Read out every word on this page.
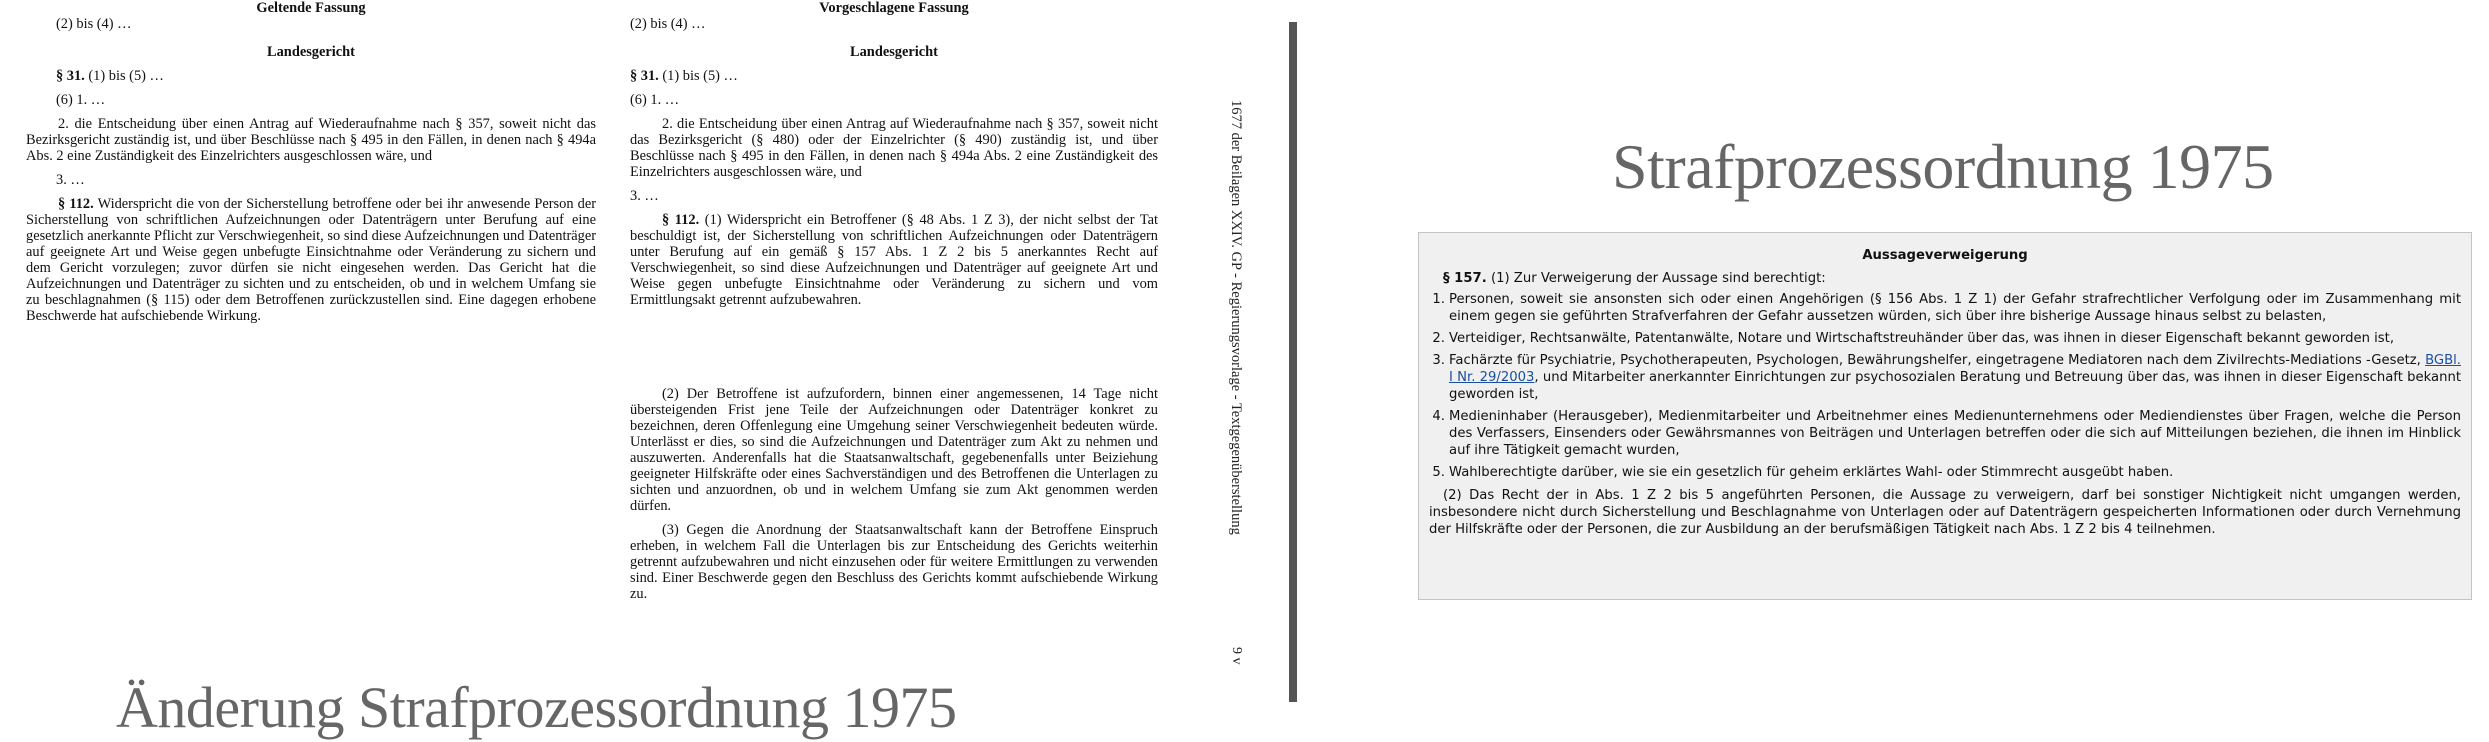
Geltende Fassung

(2) bis (4) …

Landesgericht

§ 31. (1) bis (5) …

(6) 1. …

2. die Entscheidung über einen Antrag auf Wiederaufnahme nach § 357, soweit nicht das Bezirksgericht zuständig ist, und über Beschlüsse nach § 495 in den Fällen, in denen nach § 494a Abs. 2 eine Zuständigkeit des Einzelrichters ausgeschlossen wäre, und

3. …

§ 112. Widerspricht die von der Sicherstellung betroffene oder bei ihr anwesende Person der Sicherstellung von schriftlichen Aufzeichnungen oder Datenträgern unter Berufung auf eine gesetzlich anerkannte Pflicht zur Verschwiegenheit, so sind diese Aufzeichnungen und Datenträger auf geeignete Art und Weise gegen unbefugte Einsichtnahme oder Veränderung zu sichern und dem Gericht vorzulegen; zuvor dürfen sie nicht eingesehen werden. Das Gericht hat die Aufzeichnungen und Datenträger zu sichten und zu entscheiden, ob und in welchem Umfang sie zu beschlagnahmen (§ 115) oder dem Betroffenen zurückzustellen sind. Eine dagegen erhobene Beschwerde hat aufschiebende Wirkung.

Vorgeschlagene Fassung

(2) bis (4) …

Landesgericht

§ 31. (1) bis (5) …

(6) 1. …

2. die Entscheidung über einen Antrag auf Wiederaufnahme nach § 357, soweit nicht das Bezirksgericht (§ 480) oder der Einzelrichter (§ 490) zuständig ist, und über Beschlüsse nach § 495 in den Fällen, in denen nach § 494a Abs. 2 eine Zuständigkeit des Einzelrichters ausgeschlossen wäre, und

3. …

§ 112. (1) Widerspricht ein Betroffener (§ 48 Abs. 1 Z 3), der nicht selbst der Tat beschuldigt ist, der Sicherstellung von schriftlichen Aufzeichnungen oder Datenträgern unter Berufung auf ein gemäß § 157 Abs. 1 Z 2 bis 5 anerkanntes Recht auf Verschwiegenheit, so sind diese Aufzeichnungen und Datenträger auf geeignete Art und Weise gegen unbefugte Einsichtnahme oder Veränderung zu sichern und vom Ermittlungsakt getrennt aufzubewahren.

(2) Der Betroffene ist aufzufordern, binnen einer angemessenen, 14 Tage nicht übersteigenden Frist jene Teile der Aufzeichnungen oder Datenträger konkret zu bezeichnen, deren Offenlegung eine Umgehung seiner Verschwiegenheit bedeuten würde. Unterlässt er dies, so sind die Aufzeichnungen und Datenträger zum Akt zu nehmen und auszuwerten. Anderenfalls hat die Staatsanwaltschaft, gegebenenfalls unter Beiziehung geeigneter Hilfskräfte oder eines Sachverständigen und des Betroffenen die Unterlagen zu sichten und anzuordnen, ob und in welchem Umfang sie zum Akt genommen werden dürfen.

(3) Gegen die Anordnung der Staatsanwaltschaft kann der Betroffene Einspruch erheben, in welchem Fall die Unterlagen bis zur Entscheidung des Gerichts weiterhin getrennt aufzubewahren und nicht einzusehen oder für weitere Ermittlungen zu verwenden sind. Einer Beschwerde gegen den Beschluss des Gerichts kommt aufschiebende Wirkung zu.

1677 der Beilagen XXIV. GP - Regierungsvorlage - Textgegenüberstellung
9 v
Änderung Strafprozessordnung 1975
Strafprozessordnung 1975
Aussageverweigerung
§ 157. (1) Zur Verweigerung der Aussage sind berechtigt:
1. Personen, soweit sie ansonsten sich oder einen Angehörigen (§ 156 Abs. 1 Z 1) der Gefahr strafrechtlicher Verfolgung oder im Zusammenhang mit einem gegen sie geführten Strafverfahren der Gefahr aussetzen würden, sich über ihre bisherige Aussage hinaus selbst zu belasten,
2. Verteidiger, Rechtsanwälte, Patentanwälte, Notare und Wirtschaftstreuhänder über das, was ihnen in dieser Eigenschaft bekannt geworden ist,
3. Fachärzte für Psychiatrie, Psychotherapeuten, Psychologen, Bewährungshelfer, eingetragene Mediatoren nach dem Zivilrechts-Mediations -Gesetz, BGBl. I Nr. 29/2003, und Mitarbeiter anerkannter Einrichtungen zur psychosozialen Beratung und Betreuung über das, was ihnen in dieser Eigenschaft bekannt geworden ist,
4. Medieninhaber (Herausgeber), Medienmitarbeiter und Arbeitnehmer eines Medienunternehmens oder Mediendienstes über Fragen, welche die Person des Verfassers, Einsenders oder Gewährsmannes von Beiträgen und Unterlagen betreffen oder die sich auf Mitteilungen beziehen, die ihnen im Hinblick auf ihre Tätigkeit gemacht wurden,
5. Wahlberechtigte darüber, wie sie ein gesetzlich für geheim erklärtes Wahl- oder Stimmrecht ausgeübt haben.

(2) Das Recht der in Abs. 1 Z 2 bis 5 angeführten Personen, die Aussage zu verweigern, darf bei sonstiger Nichtigkeit nicht umgangen werden, insbesondere nicht durch Sicherstellung und Beschlagnahme von Unterlagen oder auf Datenträgern gespeicherten Informationen oder durch Vernehmung der Hilfskräfte oder der Personen, die zur Ausbildung an der berufsmäßigen Tätigkeit nach Abs. 1 Z 2 bis 4 teilnehmen.
